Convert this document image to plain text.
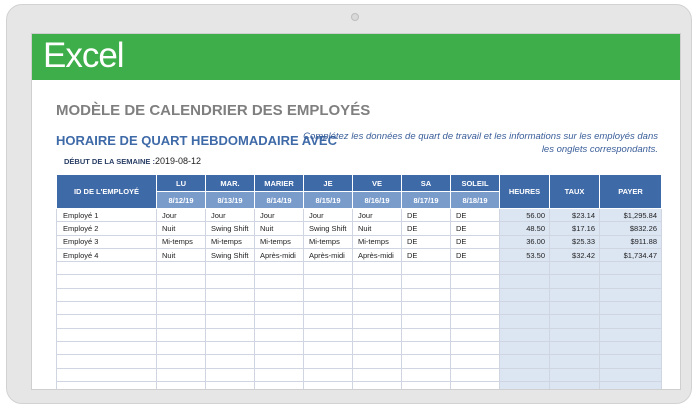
Excel
MODÈLE DE CALENDRIER DES EMPLOYÉS
HORAIRE DE QUART HEBDOMADAIRE AVEC
Complétez les données de quart de travail et les informations sur les employés dans les onglets correspondants.
DÉBUT DE LA SEMAINE : 2019-08-12
ID DE L'EMPLOYÉ	LU	MAR.	MARIER	JE	VE	SA	SOLEIL	HEURES	TAUX	PAYER
	8/12/19	8/13/19	8/14/19	8/15/19	8/16/19	8/17/19	8/18/19			
Employé 1	Jour	Jour	Jour	Jour	Jour	DE	DE	56.00	$23.14	$1,295.84
Employé 2	Nuit	Swing Shift	Nuit	Swing Shift	Nuit	DE	DE	48.50	$17.16	$832.26
Employé 3	Mi-temps	Mi-temps	Mi-temps	Mi-temps	Mi-temps	DE	DE	36.00	$25.33	$911.88
Employé 4	Nuit	Swing Shift	Après-midi	Après-midi	Après-midi	DE	DE	53.50	$32.42	$1,734.47
